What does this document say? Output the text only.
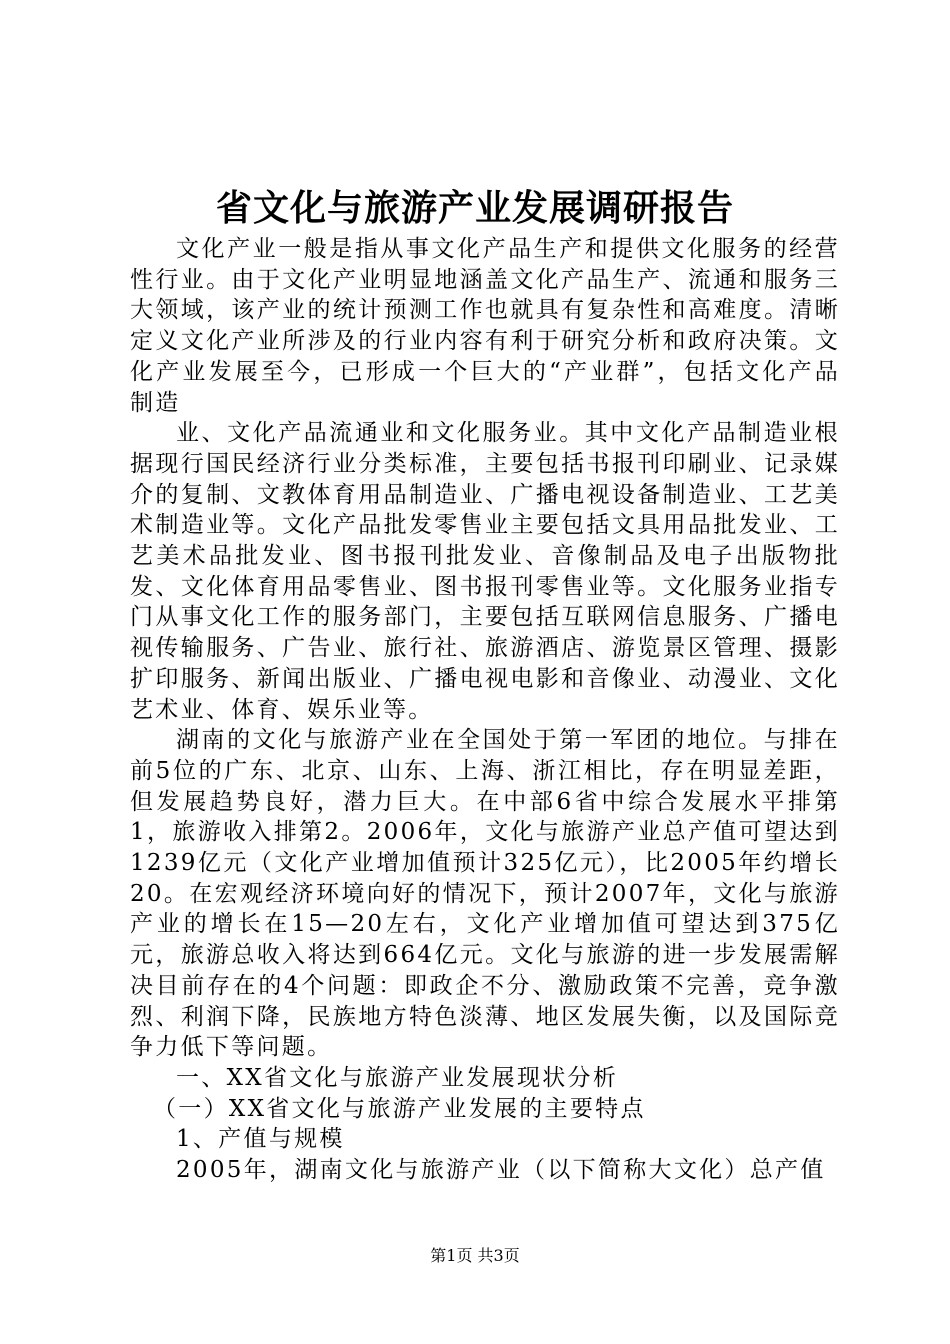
省文化与旅游产业发展调研报告

文化产业一般是指从事文化产品生产和提供文化服务的经营性行业。由于文化产业明显地涵盖文化产品生产、流通和服务三大领域，该产业的统计预测工作也就具有复杂性和高难度。清晰定义文化产业所涉及的行业内容有利于研究分析和政府决策。文化产业发展至今，已形成一个巨大的“产业群”，包括文化产品制造

业、文化产品流通业和文化服务业。其中文化产品制造业根据现行国民经济行业分类标准，主要包括书报刊印刷业、记录媒介的复制、文教体育用品制造业、广播电视设备制造业、工艺美术制造业等。文化产品批发零售业主要包括文具用品批发业、工艺美术品批发业、图书报刊批发业、音像制品及电子出版物批发、文化体育用品零售业、图书报刊零售业等。文化服务业指专门从事文化工作的服务部门，主要包括互联网信息服务、广播电视传输服务、广告业、旅行社、旅游酒店、游览景区管理、摄影扩印服务、新闻出版业、广播电视电影和音像业、动漫业、文化艺术业、体育、娱乐业等。

湖南的文化与旅游产业在全国处于第一军团的地位。与排在前5位的广东、北京、山东、上海、浙江相比，存在明显差距，但发展趋势良好，潜力巨大。在中部6省中综合发展水平排第1，旅游收入排第2。2006年，文化与旅游产业总产值可望达到1239亿元（文化产业增加值预计325亿元），比2005年约增长20。在宏观经济环境向好的情况下，预计2007年，文化与旅游产业的增长在15—20左右，文化产业增加值可望达到375亿元，旅游总收入将达到664亿元。文化与旅游的进一步发展需解决目前存在的4个问题：即政企不分、激励政策不完善，竞争激烈、利润下降，民族地方特色淡薄、地区发展失衡，以及国际竞争力低下等问题。

一、XX省文化与旅游产业发展现状分析

（一）XX省文化与旅游产业发展的主要特点

1、产值与规模

2005年，湖南文化与旅游产业（以下简称大文化）总产值

第1页 共3页
